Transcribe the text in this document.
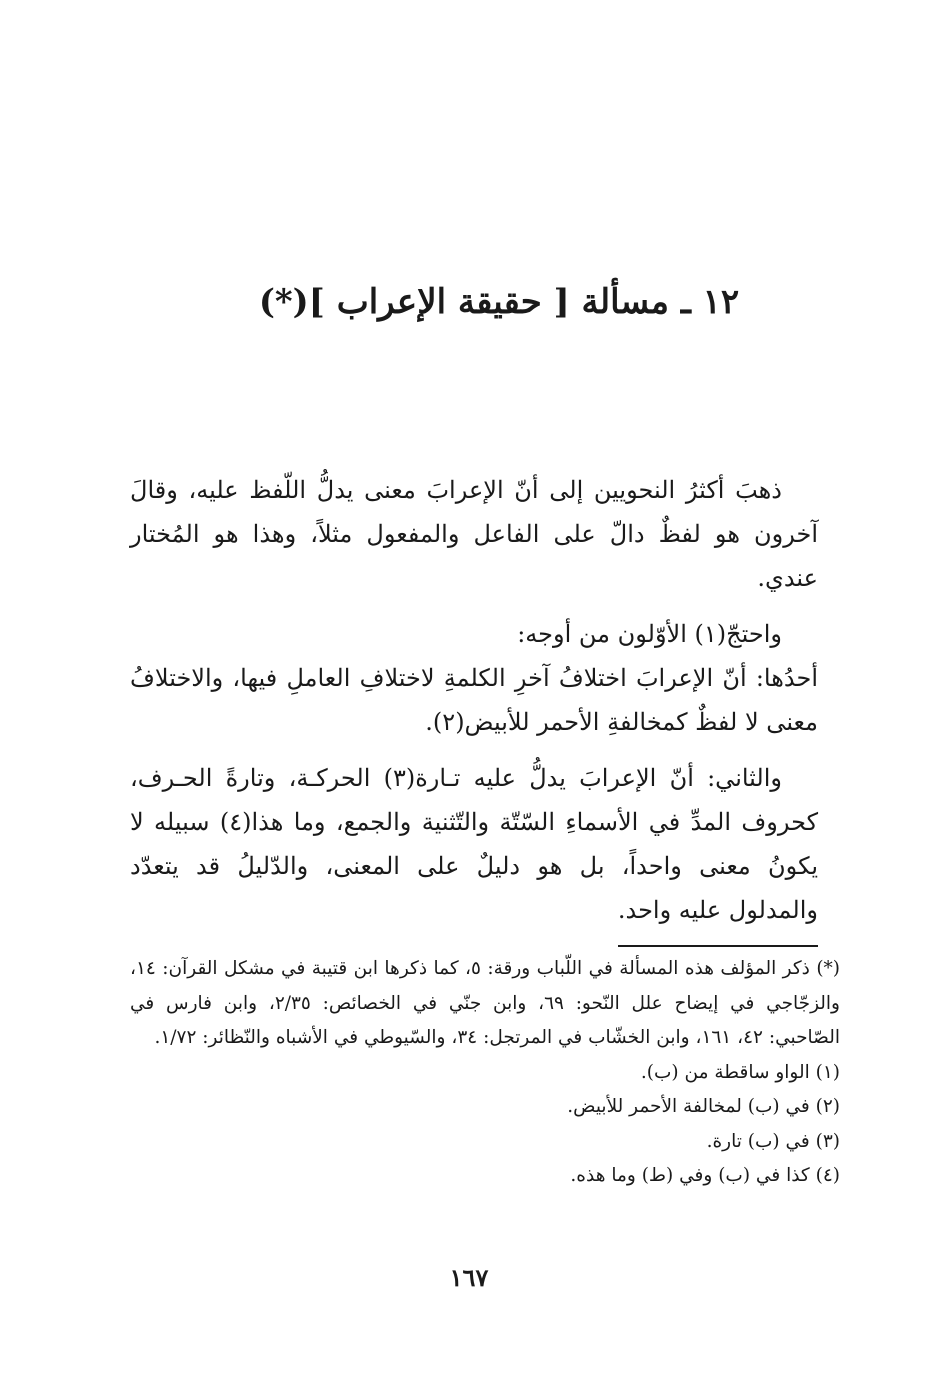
١٢ ـ مسألة [ حقيقة الإعراب ](*)

ذهبَ أكثرُ النحويين إلى أنّ الإعرابَ معنى يدلُّ اللّفظ عليه، وقالَ آخرون هو لفظٌ دالّ على الفاعل والمفعول مثلاً، وهذا هو المُختار عندي.

واحتجّ(١) الأوّلون من أوجه:

أحدُها: أنّ الإعرابَ اختلافُ آخرِ الكلمةِ لاختلافِ العاملِ فيها، والاختلافُ معنى لا لفظٌ كمخالفةِ الأحمر للأبيض(٢).

والثاني: أنّ الإعرابَ يدلُّ عليه تـارة(٣) الحركـة، وتارةً الحـرف، كحروف المدِّ في الأسماءِ السّتّة والتّثنية والجمع، وما هذا(٤) سبيله لا يكونُ معنى واحداً، بل هو دليلٌ على المعنى، والدّليلُ قد يتعدّد والمدلول عليه واحد.

(*) ذكر المؤلف هذه المسألة في اللّباب ورقة: ٥، كما ذكرها ابن قتيبة في مشكل القرآن: ١٤، والزجّاجي في إيضاح علل النّحو: ٦٩، وابن جنّي في الخصائص: ٢/٣٥، وابن فارس في الصّاحبي: ٤٢، ١٦١، وابن الخشّاب في المرتجل: ٣٤، والسّيوطي في الأشباه والنّظائر: ١/٧٢.

(١) الواو ساقطة من (ب).

(٢) في (ب) لمخالفة الأحمر للأبيض.

(٣) في (ب) تارة.

(٤) كذا في (ب) وفي (ط) وما هذه.

١٦٧
